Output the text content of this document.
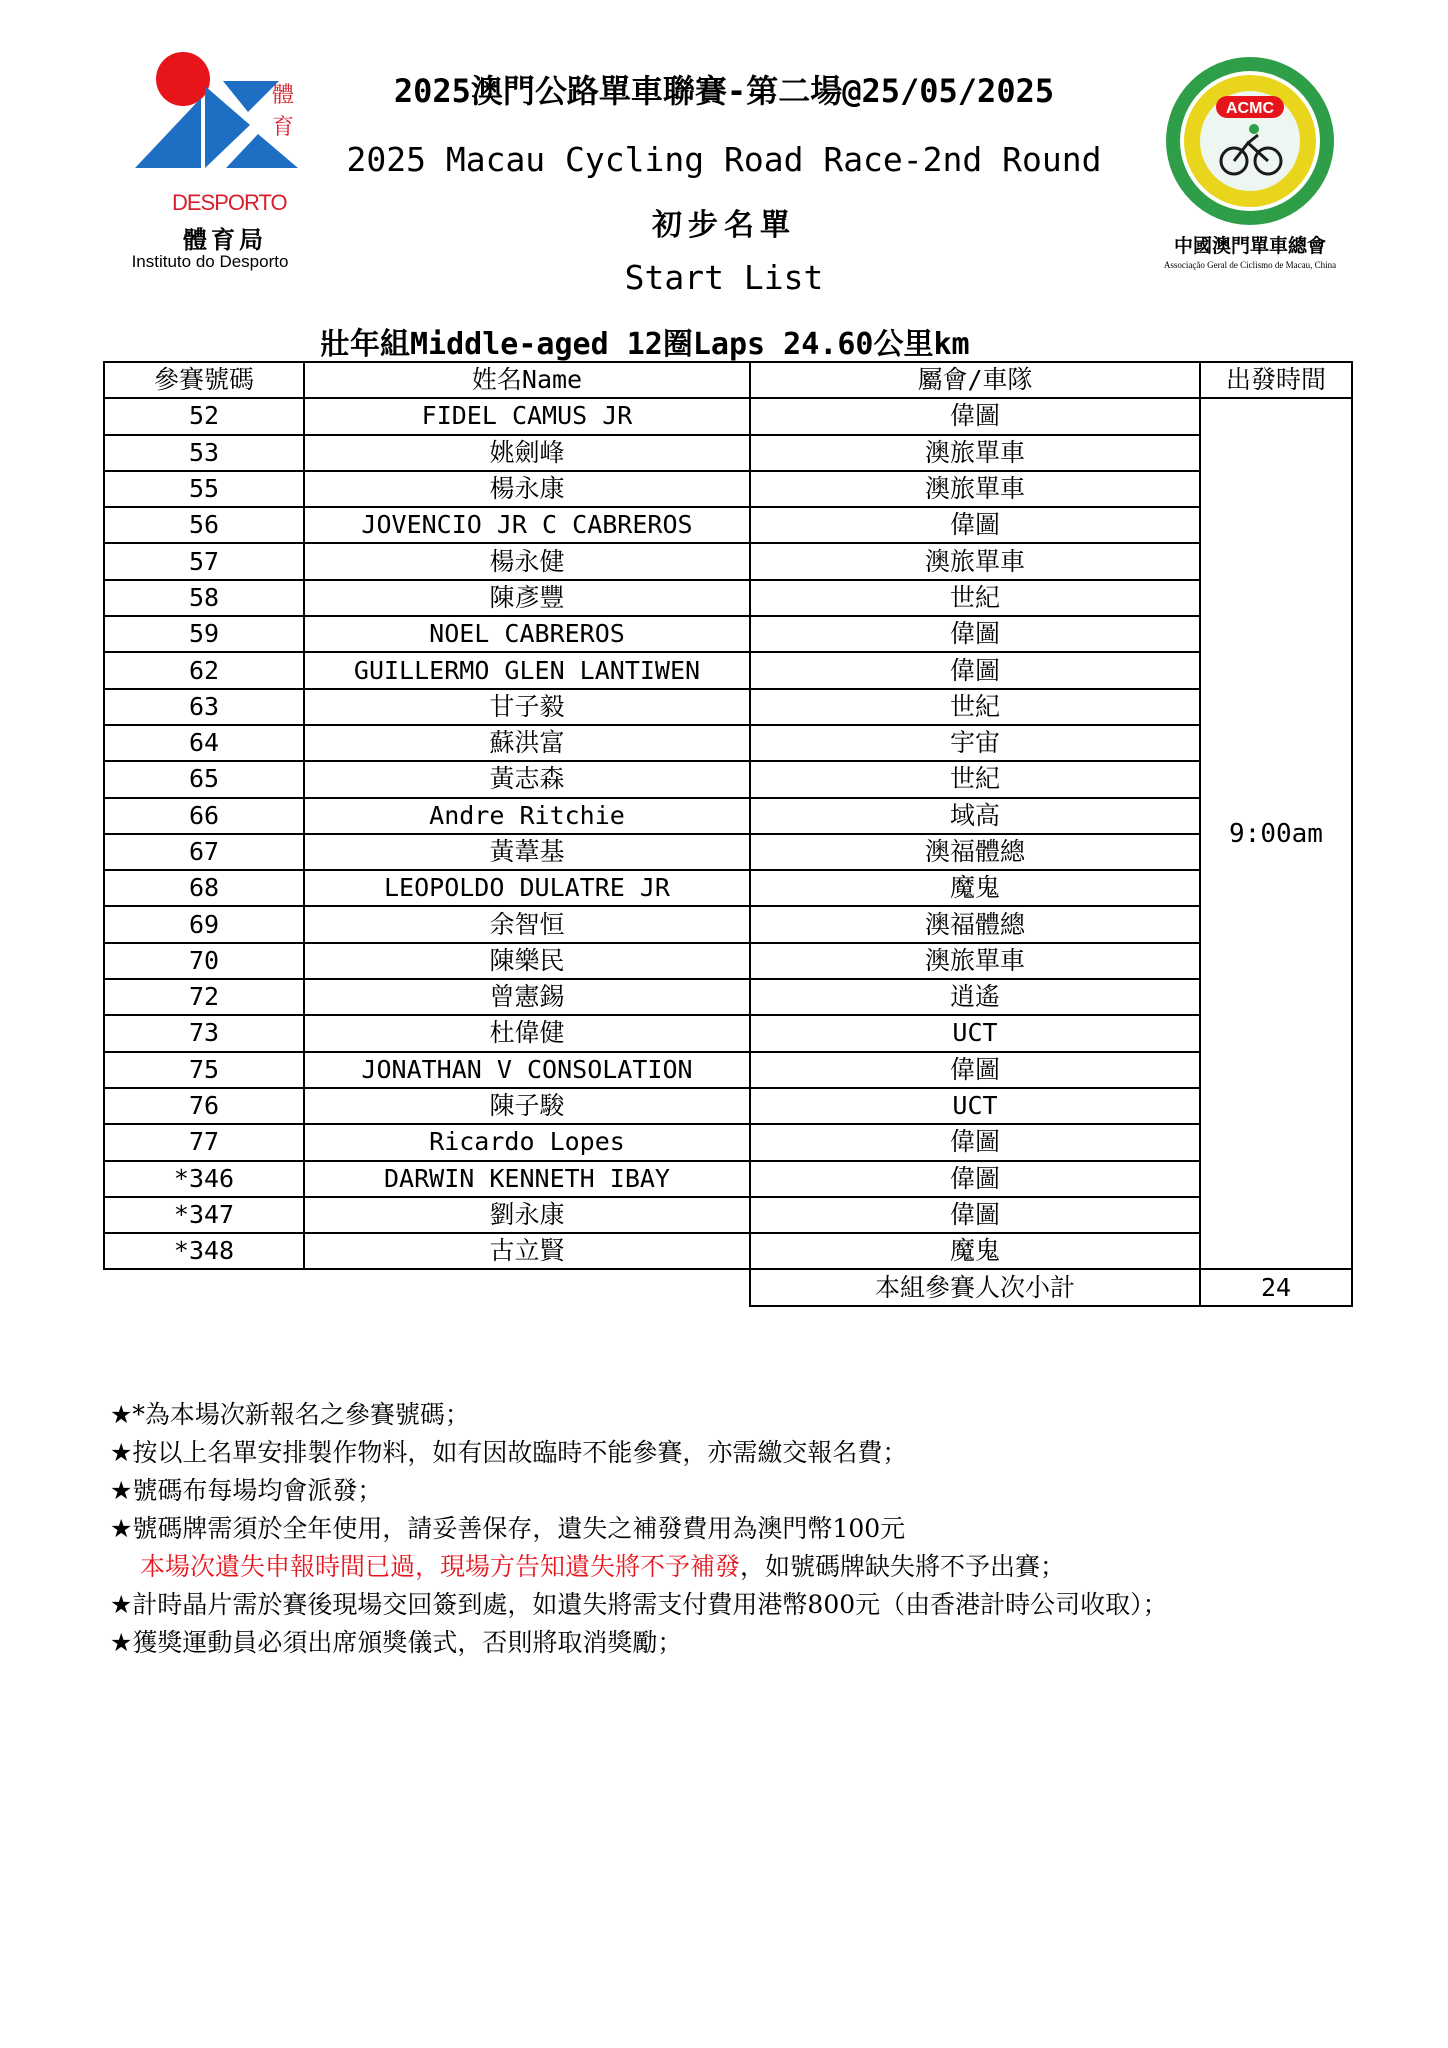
體
育
DESPORTO
體育局
Instituto do Desporto
ACMC
中國澳門單車總會
Associação Geral de Ciclismo de Macau, China
2025澳門公路單車聯賽-第二場@25/05/2025
2025 Macau Cycling Road Race-2nd Round
初步名單
Start List
壯年組Middle-aged 12圈Laps 24.60公里km
參賽號碼	姓名Name	屬會/車隊	出發時間
52	FIDEL CAMUS JR	偉圖	9:00am
53	姚劍峰	澳旅單車	
55	楊永康	澳旅單車	
56	JOVENCIO JR C CABREROS	偉圖	
57	楊永健	澳旅單車	
58	陳彥豐	世紀	
59	NOEL CABREROS	偉圖	
62	GUILLERMO GLEN LANTIWEN	偉圖	
63	甘子毅	世紀	
64	蘇洪富	宇宙	
65	黃志森	世紀	
66	Andre Ritchie	域高	
67	黃葦基	澳福體總	
68	LEOPOLDO DULATRE JR	魔鬼	
69	余智恒	澳福體總	
70	陳樂民	澳旅單車	
72	曾憲錫	逍遙	
73	杜偉健	UCT	
75	JONATHAN V CONSOLATION	偉圖	
76	陳子駿	UCT	
77	Ricardo Lopes	偉圖	
*346	DARWIN KENNETH IBAY	偉圖	
*347	劉永康	偉圖	
*348	古立賢	魔鬼	
		本組參賽人次小計	24
★*為本場次新報名之參賽號碼；
★按以上名單安排製作物料，如有因故臨時不能參賽，亦需繳交報名費；
★號碼布每場均會派發；
★號碼牌需須於全年使用，請妥善保存，遺失之補發費用為澳門幣100元
本場次遺失申報時間已過，現場方告知遺失將不予補發，如號碼牌缺失將不予出賽；
★計時晶片需於賽後現場交回簽到處，如遺失將需支付費用港幣800元（由香港計時公司收取）；
★獲獎運動員必須出席頒獎儀式，否則將取消獎勵；
